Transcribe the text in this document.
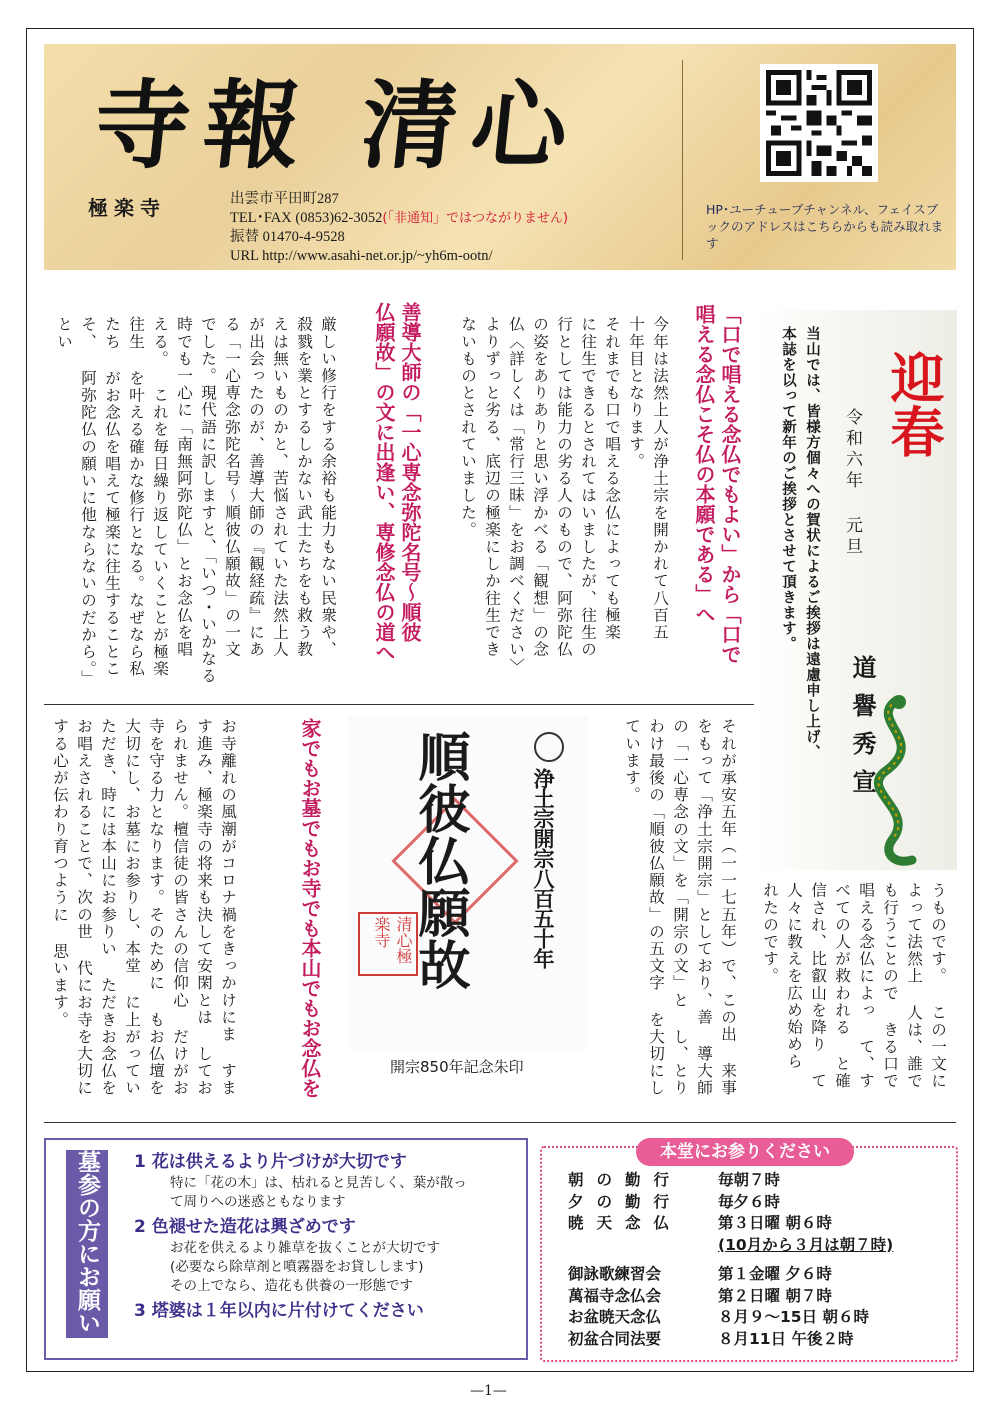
寺報 清心
極楽寺	出雲市平田町287
TEL･FAX (0853)62-3052(「非通知」ではつながりません)
振替 01470-4-9528
URL http://www.asahi-net.or.jp/~yh6m-ootn/
HP･ユーチューブチャンネル、フェイスブックのアドレスはこちらからも読み取れます
迎春
令和六年 元旦
当山では、皆様方個々への賀状によるご挨拶は遠慮申し上げ、
本誌を以って新年のご挨拶とさせて頂きます。
道譽秀宣
「口で唱える念仏でもよい」から「口で
唱える念仏こそ仏の本願である」へ
今年は法然上人が浄土宗を開かれて八百五
十年目となります。
それまでも口で唱える念仏によっても極楽
に往生できるとされてはいましたが、往生の
行としては能力の劣る人のもので、阿弥陀仏
の姿をありありと思い浮かべる「観想」の念
仏〈詳しくは「常行三昧」をお調べください〉
よりずっと劣る、底辺の極楽にしか往生でき
ないものとされていました。
善導大師の「一心専念弥陀名号〜順彼
仏願故」の文に出逢い、専修念仏の道へ
厳しい修行をする余裕も能力もない民衆や、 殺戮を業とするしかない武士たちをも救う教 えは無いものかと、苦悩されていた法然上人 が出会ったのが、善導大師の『観経疏』にあ る「一心専念弥陀名号〜順彼仏願故」の一文 でした。現代語に訳しますと、「いつ･いかなる 時でも一心に「南無阿弥陀仏」とお念仏を唱 える。 これを毎日繰り返していくことが極楽往生 を叶える確かな修行となる。なぜなら私たち がお念仏を唱えて極楽に往生することこそ、 阿弥陀仏の願いに他ならないのだから。」とい
うものです。 この一文によって法然上 人は、誰でも行うことので きる口で唱える念仏によっ て、すべての人が救われる と確信され、比叡山を降り て人々に教えを広め始めら れたのです。
それが承安五年（一一七五年）で、この出 来事をもって「浄土宗開宗」としており、善 導大師の「一心専念の文」を「開宗の文」と し、とりわけ最後の「順彼仏願故」の五文字 を大切にしています。
浄土宗開宗八百五十年
順彼仏願故
清心極楽寺
開宗850年記念朱印
家でもお墓でもお寺でも本山でもお念仏を
お寺離れの風潮がコロナ禍をきっかけにま すます進み、極楽寺の将来も決して安閑とは しておられません。檀信徒の皆さんの信仰心 だけがお寺を守る力となります。そのために もお仏壇を大切にし、お墓にお参りし、本堂 に上がっていただき、時には本山にお参りい ただきお念仏をお唱えされることで、次の世 代にお寺を大切にする心が伝わり育つように 思います。
墓参の方にお願い	1 花は供えるより片づけが大切です

特に「花の木」は、枯れると見苦しく、葉が散っ

て周りへの迷惑ともなります

2 色褪せた造花は興ざめです

お花を供えるより雑草を抜くことが大切です

(必要なら除草剤と噴霧器をお貸しします)

その上でなら、造花も供養の一形態です

3 塔婆は１年以内に片付けてください

本堂にお参りください
朝の勤行	毎朝７時
夕の勤行	毎夕６時
暁天念仏	第３日曜 朝６時
(10月から３月は朝７時)
御詠歌練習会	第１金曜 夕６時
萬福寺念仏会	第２日曜 朝７時
お盆暁天念仏	８月９〜15日 朝６時
初盆合同法要	８月11日 午後２時
—1—
